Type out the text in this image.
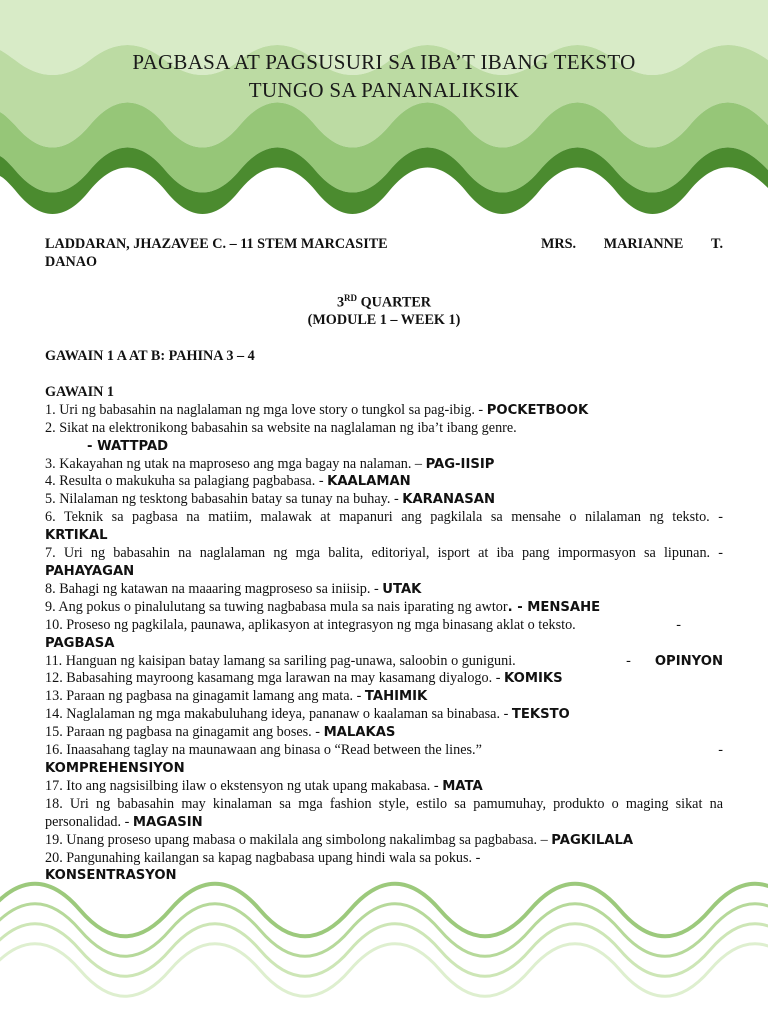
PAGBASA AT PAGSUSURI SA IBA’T IBANG TEKSTO
TUNGO SA PANANALIKSIK
LADDARAN, JHAZAVEE C. – 11 STEM MARCASITE	MRS. MARIANNE T.
DANAO
3RD QUARTER
(MODULE 1 – WEEK 1)
GAWAIN 1 A AT B: PAHINA 3 – 4
GAWAIN 1
1. Uri ng babasahin na naglalaman ng mga love story o tungkol sa pag-ibig. - POCKETBOOK
2. Sikat na elektronikong babasahin sa website na naglalaman ng iba’t ibang genre.
- WATTPAD
3. Kakayahan ng utak na maproseso ang mga bagay na nalaman. – PAG-IISIP
4. Resulta o makukuha sa palagiang pagbabasa. - KAALAMAN
5. Nilalaman ng tesktong babasahin batay sa tunay na buhay. - KARANASAN
6. Teknik sa pagbasa na matiim, malawak at mapanuri ang pagkilala sa mensahe o nilalaman ng teksto. -
KRTIKAL
7. Uri ng babasahin na naglalaman ng mga balita, editoriyal, isport at iba pang impormasyon sa lipunan. -
PAHAYAGAN
8. Bahagi ng katawan na maaaring magproseso sa iniisip. - UTAK
9. Ang pokus o pinalulutang sa tuwing nagbabasa mula sa nais iparating ng awtor. - MENSAHE
10. Proseso ng pagkilala, paunawa, aplikasyon at integrasyon ng mga binasang aklat o teksto.	-
PAGBASA
11. Hanguan ng kaisipan batay lamang sa sariling pag-unawa, saloobin o guniguni.	- OPINYON
12. Babasahing mayroong kasamang mga larawan na may kasamang diyalogo. - KOMIKS
13. Paraan ng pagbasa na ginagamit lamang ang mata. - TAHIMIK
14. Naglalaman ng mga makabuluhang ideya, pananaw o kaalaman sa binabasa. - TEKSTO
15. Paraan ng pagbasa na ginagamit ang boses. - MALAKAS
16. Inaasahang taglay na maunawaan ang binasa o “Read between the lines.”	-
KOMPREHENSIYON
17. Ito ang nagsisilbing ilaw o ekstensyon ng utak upang makabasa. - MATA
18. Uri ng babasahin may kinalaman sa mga fashion style, estilo sa pamumuhay, produkto o maging sikat na
personalidad. - MAGASIN
19. Unang proseso upang mabasa o makilala ang simbolong nakalimbag sa pagbabasa. – PAGKILALA
20. Pangunahing kailangan sa kapag nagbabasa upang hindi wala sa pokus. -
KONSENTRASYON
